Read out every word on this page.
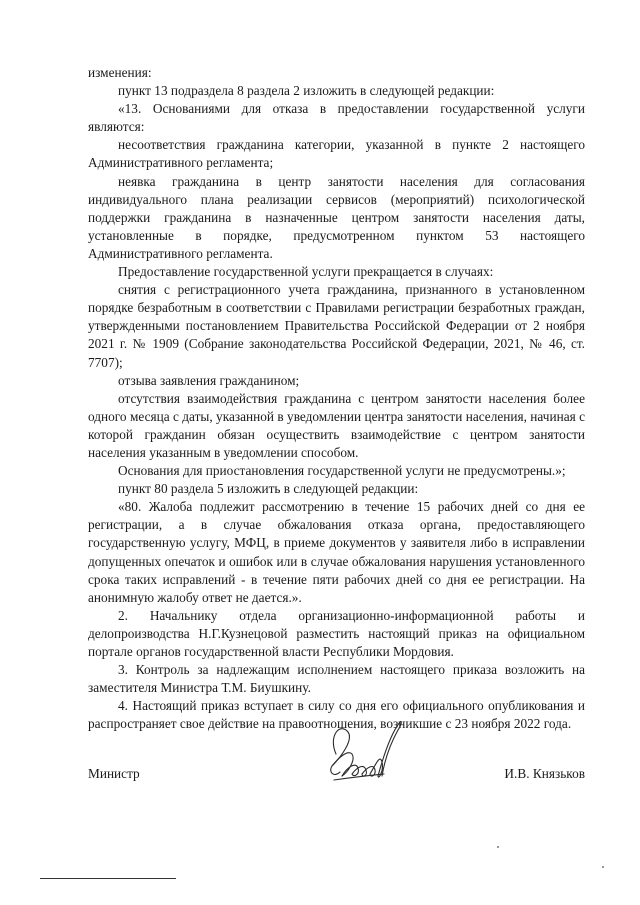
изменения:

пункт 13 подраздела 8 раздела 2 изложить в следующей редакции:

«13. Основаниями для отказа в предоставлении государственной услуги являются:

несоответствия гражданина категории, указанной в пункте 2 настоящего Административного регламента;

неявка гражданина в центр занятости населения для согласования индивидуального плана реализации сервисов (мероприятий) психологической поддержки гражданина в назначенные центром занятости населения даты, установленные в порядке, предусмотренном пунктом 53 настоящего Административного регламента.

Предоставление государственной услуги прекращается в случаях:

снятия с регистрационного учета гражданина, признанного в установленном порядке безработным в соответствии с Правилами регистрации безработных граждан, утвержденными постановлением Правительства Российской Федерации от 2 ноября 2021 г. № 1909 (Собрание законодательства Российской Федерации, 2021, № 46, ст. 7707);

отзыва заявления гражданином;

отсутствия взаимодействия гражданина с центром занятости населения более одного месяца с даты, указанной в уведомлении центра занятости населения, начиная с которой гражданин обязан осуществить взаимодействие с центром занятости населения указанным в уведомлении способом.

Основания для приостановления государственной услуги не предусмотрены.»;

пункт 80 раздела 5 изложить в следующей редакции:

«80. Жалоба подлежит рассмотрению в течение 15 рабочих дней со дня ее регистрации, а в случае обжалования отказа органа, предоставляющего государственную услугу, МФЦ, в приеме документов у заявителя либо в исправлении допущенных опечаток и ошибок или в случае обжалования нарушения установленного срока таких исправлений - в течение пяти рабочих дней со дня ее регистрации. На анонимную жалобу ответ не дается.».

2. Начальнику отдела организационно-информационной работы и делопроизводства Н.Г.Кузнецовой разместить настоящий приказ на официальном портале органов государственной власти Республики Мордовия.

3. Контроль за надлежащим исполнением настоящего приказа возложить на заместителя Министра Т.М. Биушкину.

4. Настоящий приказ вступает в силу со дня его официального опубликования и распространяет свое действие на правоотношения, возникшие с 23 ноября 2022 года.

Министр	И.В. Князьков
